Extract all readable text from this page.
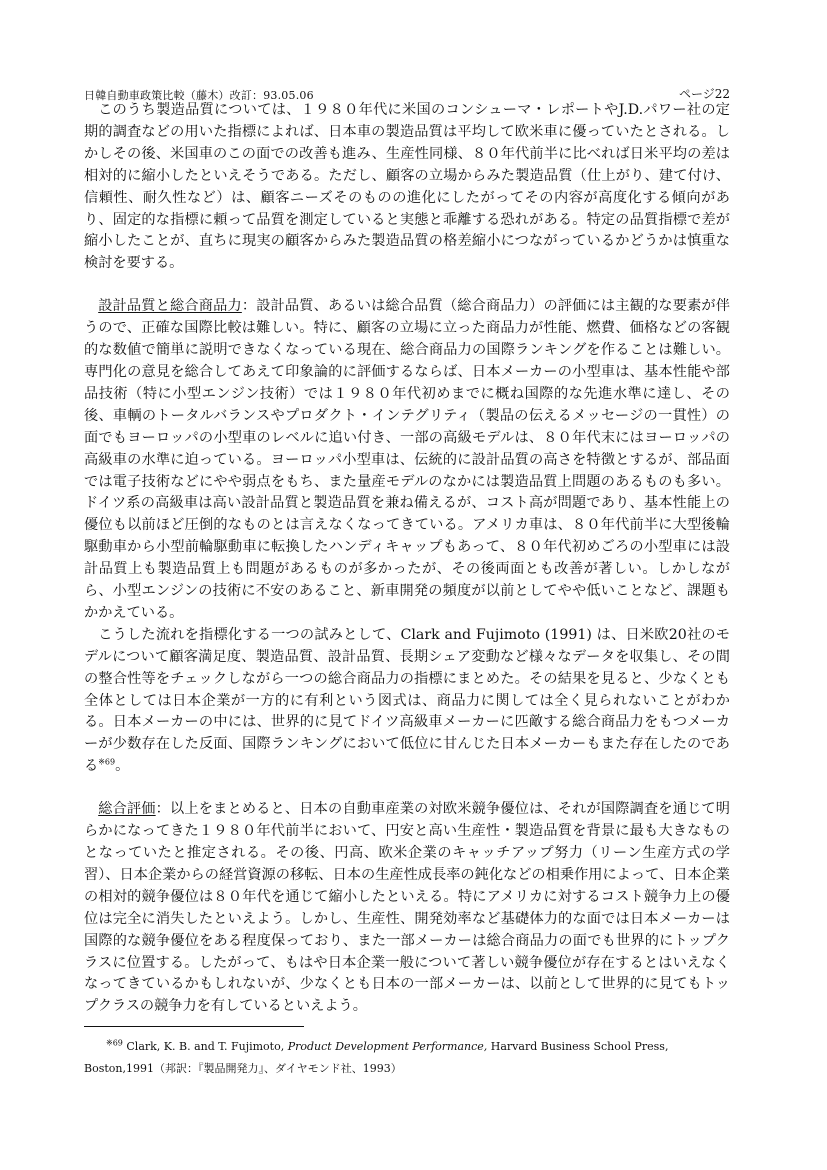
日韓自動車政策比較（藤木）改訂：93.05.06	ページ22

このうち製造品質については、１９８０年代に米国のコンシューマ・レポートやJ.D.パワー社の定期的調査などの用いた指標によれば、日本車の製造品質は平均して欧米車に優っていたとされる。しかしその後、米国車のこの面での改善も進み、生産性同様、８０年代前半に比べれば日米平均の差は相対的に縮小したといえそうである。ただし、顧客の立場からみた製造品質（仕上がり、建て付け、信頼性、耐久性など）は、顧客ニーズそのものの進化にしたがってその内容が高度化する傾向があり、固定的な指標に頼って品質を測定していると実態と乖離する恐れがある。特定の品質指標で差が縮小したことが、直ちに現実の顧客からみた製造品質の格差縮小につながっているかどうかは慎重な検討を要する。

設計品質と総合商品力：設計品質、あるいは総合品質（総合商品力）の評価には主観的な要素が伴うので、正確な国際比較は難しい。特に、顧客の立場に立った商品力が性能、燃費、価格などの客観的な数値で簡単に説明できなくなっている現在、総合商品力の国際ランキングを作ることは難しい。専門化の意見を総合してあえて印象論的に評価するならば、日本メーカーの小型車は、基本性能や部品技術（特に小型エンジン技術）では１９８０年代初めまでに概ね国際的な先進水準に達し、その後、車輌のトータルバランスやプロダクト・インテグリティ（製品の伝えるメッセージの一貫性）の面でもヨーロッパの小型車のレベルに追い付き、一部の高級モデルは、８０年代末にはヨーロッパの高級車の水準に迫っている。ヨーロッパ小型車は、伝統的に設計品質の高さを特徴とするが、部品面では電子技術などにやや弱点をもち、また量産モデルのなかには製造品質上問題のあるものも多い。ドイツ系の高級車は高い設計品質と製造品質を兼ね備えるが、コスト高が問題であり、基本性能上の優位も以前ほど圧倒的なものとは言えなくなってきている。アメリカ車は、８０年代前半に大型後輪駆動車から小型前輪駆動車に転換したハンディキャップもあって、８０年代初めごろの小型車には設計品質上も製造品質上も問題があるものが多かったが、その後両面とも改善が著しい。しかしながら、小型エンジンの技術に不安のあること、新車開発の頻度が以前としてやや低いことなど、課題もかかえている。

こうした流れを指標化する一つの試みとして、Clark and Fujimoto (1991) は、日米欧20社のモデルについて顧客満足度、製造品質、設計品質、長期シェア変動など様々なデータを収集し、その間の整合性等をチェックしながら一つの総合商品力の指標にまとめた。その結果を見ると、少なくとも全体としては日本企業が一方的に有利という図式は、商品力に関しては全く見られないことがわかる。日本メーカーの中には、世界的に見てドイツ高級車メーカーに匹敵する総合商品力をもつメーカーが少数存在した反面、国際ランキングにおいて低位に甘んじた日本メーカーもまた存在したのである$^{※69}$。

総合評価：以上をまとめると、日本の自動車産業の対欧米競争優位は、それが国際調査を通じて明らかになってきた１９８０年代前半において、円安と高い生産性・製造品質を背景に最も大きなものとなっていたと推定される。その後、円高、欧米企業のキャッチアップ努力（リーン生産方式の学習）、日本企業からの経営資源の移転、日本の生産性成長率の鈍化などの相乗作用によって、日本企業の相対的競争優位は８０年代を通じて縮小したといえる。特にアメリカに対するコスト競争力上の優位は完全に消失したといえよう。しかし、生産性、開発効率など基礎体力的な面では日本メーカーは国際的な競争優位をある程度保っており、また一部メーカーは総合商品力の面でも世界的にトップクラスに位置する。したがって、もはや日本企業一般について著しい競争優位が存在するとはいえなくなってきているかもしれないが、少なくとも日本の一部メーカーは、以前として世界的に見てもトップクラスの競争力を有しているといえよう。

$^{※69}$ Clark, K. B. and T. Fujimoto, Product Development Performance, Harvard Business School Press, Boston,1991（邦訳：『製品開発力』、ダイヤモンド社、1993）
